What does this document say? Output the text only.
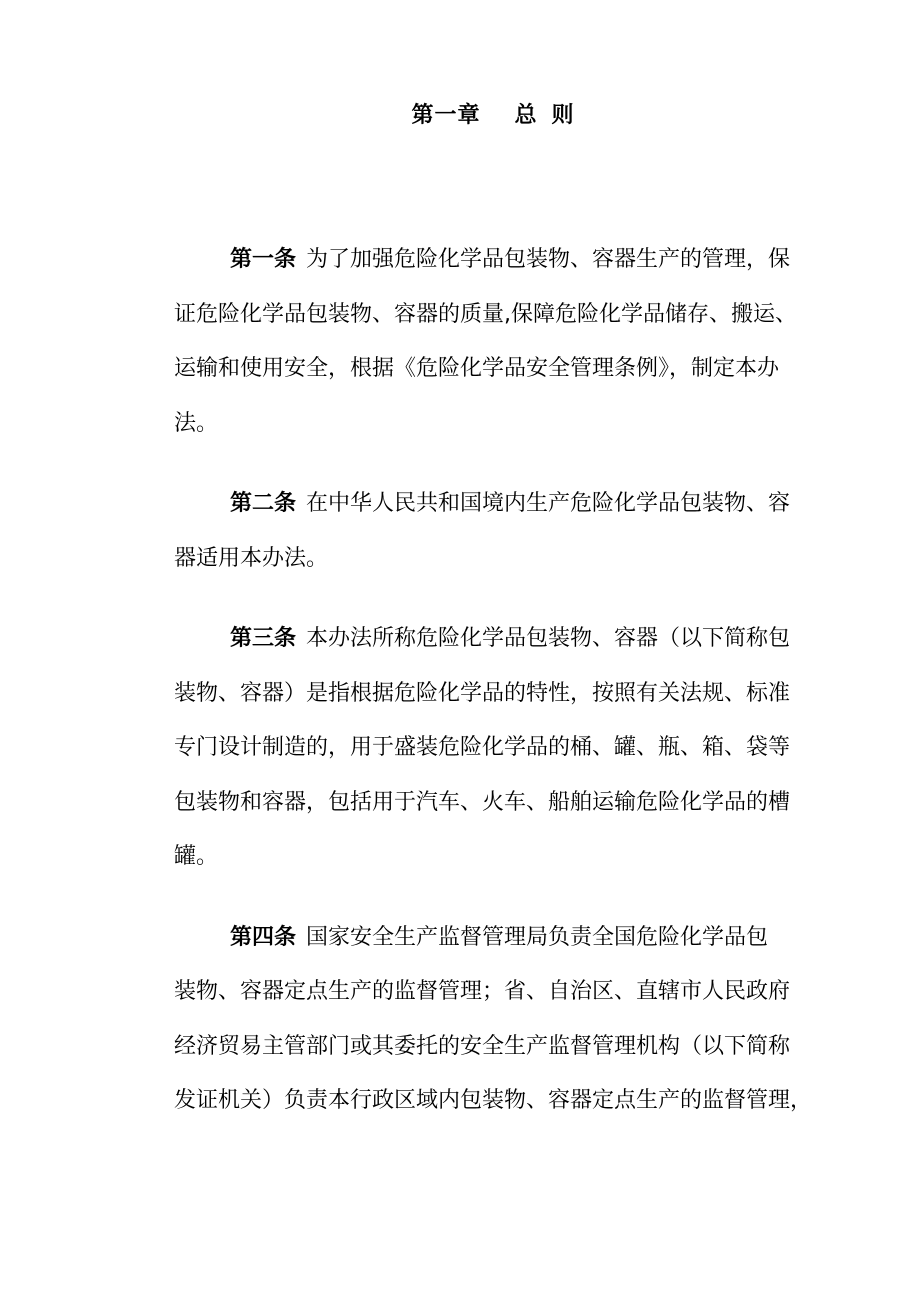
第一章 总 则
第一条 为了加强危险化学品包装物、容器生产的管理，保
证危险化学品包装物、容器的质量,保障危险化学品储存、搬运、
运输和使用安全，根据《危险化学品安全管理条例》，制定本办
法。
第二条 在中华人民共和国境内生产危险化学品包装物、容
器适用本办法。
第三条 本办法所称危险化学品包装物、容器（以下简称包
装物、容器）是指根据危险化学品的特性，按照有关法规、标准
专门设计制造的，用于盛装危险化学品的桶、罐、瓶、箱、袋等
包装物和容器，包括用于汽车、火车、船舶运输危险化学品的槽
罐。
第四条 国家安全生产监督管理局负责全国危险化学品包
装物、容器定点生产的监督管理；省、自治区、直辖市人民政府
经济贸易主管部门或其委托的安全生产监督管理机构（以下简称
发证机关）负责本行政区域内包装物、容器定点生产的监督管理，
